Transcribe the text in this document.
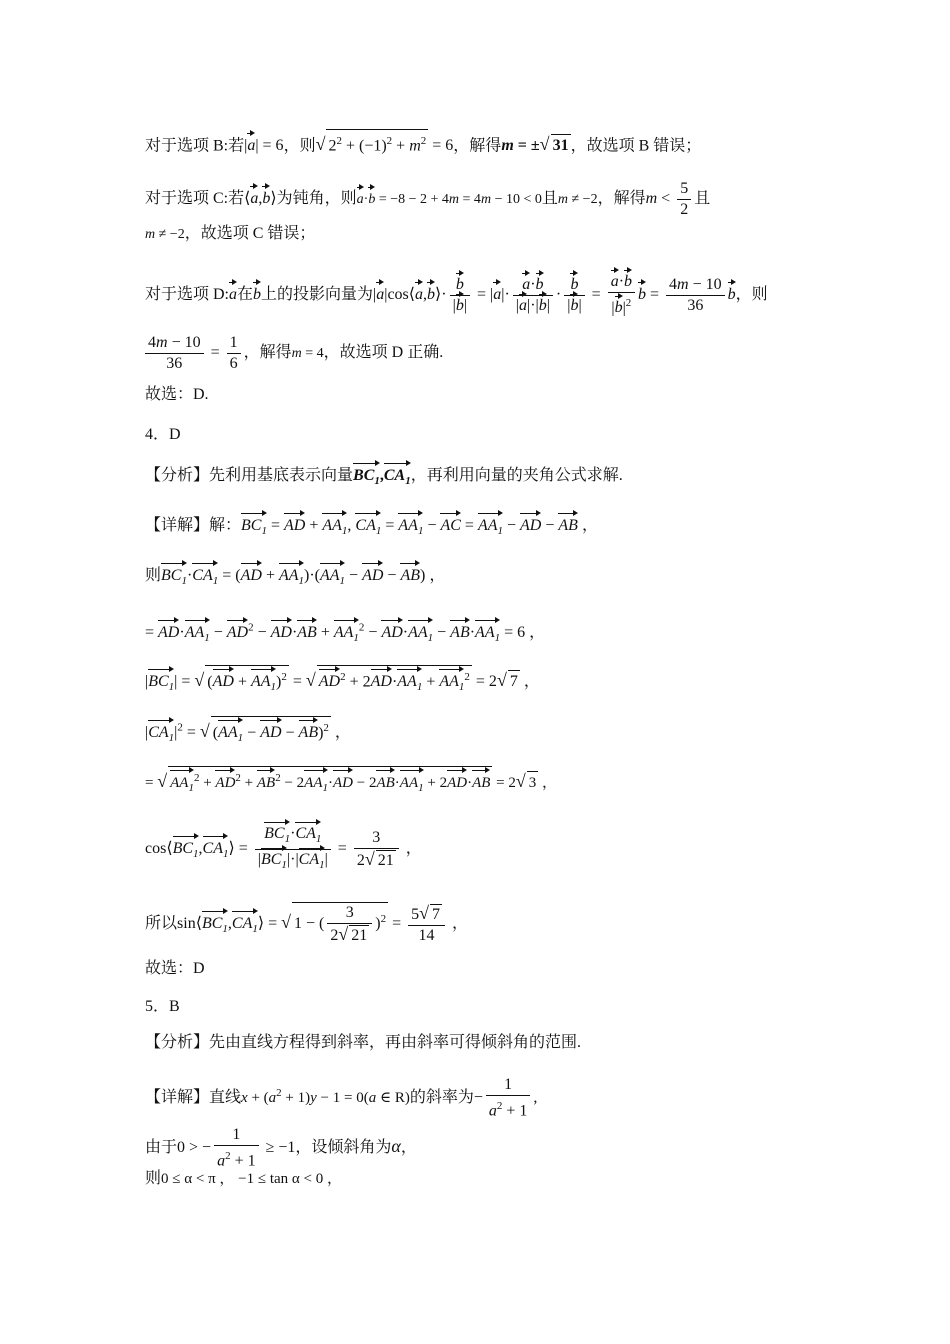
对于选项 B:若|a| = 6，则√ $2^2 + (-1)^2 + m^2 = 6$，解得m = ±√ 31 ，故选项 B 错误；
对于选项 C:若⟨a,b⟩为钝角，则a·b = −8 − 2 + 4m = 4m − 10 < 0且m ≠ −2，解得$m < \frac{5}{2}$ 且
m ≠ −2，故选项 C 错误；
对于选项 D:a在b上的投影向量为|a|cos⟨a,b⟩· $\frac{b}{|b|} = |a|\cdot \frac{a\cdot b}{|a|\cdot|b|} \cdot \frac{b}{|b|} = \frac{a\cdot b}{|b|^2}$ $b = \frac{4m - 10}{36}$ b，则
$\frac{4m - 10}{36} = \frac{1}{6}$ ，解得m = 4，故选项 D 正确.
故选：D.
4．D
【分析】先利用基底表示向量$BC_1,CA_1$，再利用向量的夹角公式求解.
【详解】解：$BC_1$ = AD + $AA_1$, $CA_1 = AA_1$ − AC = $AA_1$ − AD − AB ，
则$BC_1\cdot CA_1 = (AD + AA_1)\cdot(AA_1$ − AD − AB) ，
= $AD\cdot AA_1 - AD^2 - AD\cdot AB + AA_1^2 - AD\cdot AA_1 - AB\cdot AA_1 = 6$ ，
$|BC_1|$ = √ $(AD + AA_1)^2$ = √ $AD^2 + 2AD\cdot AA_1 + AA_1^2 = 2√$ 7 ，
$|CA_1|^2$ = √ ($AA_1$ − AD − AB)$^2$ ，
= √ $AA_1^2 + AD^2 + AB^2 - 2AA_1\cdot AD - 2AB\cdot AA_1 + 2AD\cdot AB = 2√$ 3 ，
$\cos⟨BC_1,CA_1⟩ = \frac{BC_1\cdot CA_1}{|BC_1|\cdot|CA_1|} = \frac{3}{2√ 21}$ ，
所以$\sin⟨BC_1,CA_1⟩$ = √ 1 − ( $\frac{3}{2√ 21} )^2 = \frac{5√ 7}{14}$ ，
故选：D
5．B
【分析】先由直线方程得到斜率，再由斜率可得倾斜角的范围.
【详解】直线$x + (a^2 + 1)y - 1 = 0(a$ ∈ R)的斜率为− $\frac{1}{a^2 + 1}$ ,
由于0 > − $\frac{1}{a^2 + 1} \ge -1$，设倾斜角为α，
则0 ≤ α < π ， −1 ≤ tan α < 0 ，
